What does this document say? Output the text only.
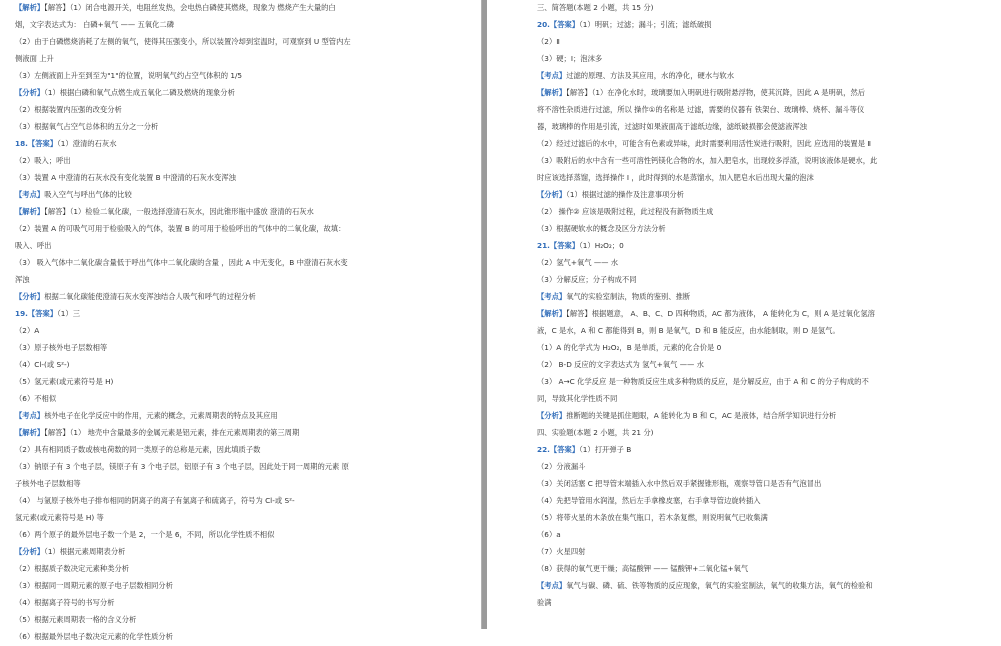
【解析】【解答】（1）闭合电源开关，电阻丝发热，会电热白磷使其燃烧，现象为 燃烧产生大量的白
烟，文字表达式为： 白磷+氧气 —— 五氧化二磷
（2）由于白磷燃烧消耗了左侧的氧气，使得其压强变小，所以装置冷却到室温时，可观察到 U 型管内左
侧液面 上升
（3）左侧液面上升至到至为"1"的位置，说明氧气约占空气体积的 1/5
【分析】（1）根据白磷和氧气点燃生成五氧化二磷及燃烧的现象分析
（2）根据装置内压强的改变分析
（3）根据氧气占空气总体积的五分之一分析
18.【答案】（1）澄清的石灰水
（2）吸入；呼出
（3）装置 A 中澄清的石灰水没有变化装置 B 中澄清的石灰水变浑浊
【考点】吸入空气与呼出气体的比较
【解析】【解答】（1）检验二氧化碳，一般选择澄清石灰水，因此锥形瓶中盛放 澄清的石灰水
（2）装置 A 的可吸气可用于检验吸入的气体，装置 B 的可用于检验呼出的气体中的二氧化碳，故填：
吸入、呼出
（3） 吸入气体中二氧化碳含量低于呼出气体中二氧化碳的含量 ，因此 A 中无变化，B 中澄清石灰水变
浑浊
【分析】根据二氧化碳能使澄清石灰水变浑浊结合人吸气和呼气的过程分析
19.【答案】（1）三
（2）A
（3）原子核外电子层数相等
（4）Cl-(或 S²-)
（5）氢元素(或元素符号是 H)
（6）不相似
【考点】核外电子在化学反应中的作用，元素的概念，元素周期表的特点及其应用
【解析】【解答】（1） 地壳中含量最多的金属元素是铝元素，排在元素周期表的第三周期
（2）具有相同质子数或核电荷数的同一类原子的总称是元素，因此填质子数
（3）钠原子有 3 个电子层，镁原子有 3 个电子层，铝原子有 3 个电子层，因此处于同一周期的元素 原
子核外电子层数相等
（4） 与氩原子核外电子排布相同的阴离子的离子有氯离子和硫离子，符号为 Cl-或 S²-
氢元素(或元素符号是 H) 等
（6）两个原子的最外层电子数一个是 2，一个是 6，不同，所以化学性质不相似
【分析】（1）根据元素周期表分析
（2）根据质子数决定元素种类分析
（3）根据同一周期元素的原子电子层数相同分析
（4）根据离子符号的书写分析
（5）根据元素周期表一格的含义分析
（6）根据最外层电子数决定元素的化学性质分析
三、简答题(本题 2 小题，共 15 分)
20.【答案】（1）明矾；过滤；漏斗；引流；滤纸破损
（2）Ⅱ
（3）硬；Ⅰ；泡沫多
【考点】过滤的原理、方法及其应用，水的净化，硬水与软水
【解析】【解答】（1）在净化水时，玻璃要加入明矾进行吸附悬浮物，使其沉降，因此 A 是明矾，然后
将不溶性杂质进行过滤，所以 操作①的名称是 过滤，需要的仪器有 铁架台、玻璃棒、烧杯、漏斗等仪
器，玻璃棒的作用是引流，过滤时如果液面高于滤纸边缘，滤纸破损都会使滤液浑浊
（2）经过过滤后的水中，可能含有色素或异味，此时需要利用活性炭进行吸附，因此 应选用的装置是 Ⅱ
（3）吸附后的水中含有一些可溶性钙镁化合物的水，加入肥皂水，出现较多浮渣，说明该液体是硬水，此
时应该选择蒸馏，选择操作 Ⅰ ，此时得到的水是蒸馏水，加入肥皂水后出现大量的泡沫
【分析】（1）根据过滤的操作及注意事项分析
（2） 操作② 应该是吸附过程，此过程没有新物质生成
（3）根据硬软水的概念及区分方法分析
21.【答案】（1）H₂O₂；0
（2）氢气+氧气 —— 水
（3）分解反应；分子构成不同
【考点】氧气的实验室制法，物质的鉴别、推断
【解析】【解答】根据题意， A、B、C、D 四种物质，AC 都为液体， A 能转化为 C，则 A 是过氧化氢溶
液，C 是水，A 和 C 都能得到 B，则 B 是氧气，D 和 B 能反应，由水能制取，则 D 是氢气。
（1）A 的化学式为 H₂O₂，B 是单质，元素的化合价是 0
（2） B-D 反应的文字表达式为 氢气+氧气 —— 水
（3） A→C 化学反应 是一种物质反应生成多种物质的反应，是分解反应，由于 A 和 C 的分子构成的不
同，导致其化学性质不同
【分析】推断题的关键是抓住题眼，A 能转化为 B 和 C，AC 是液体，结合所学知识进行分析
四、实验题(本题 2 小题，共 21 分)
22.【答案】（1）打开弹子 B
（2）分液漏斗
（3）关闭活塞 C 把导管末端插入水中然后双手紧握锥形瓶，观察导管口是否有气泡冒出
（4）先把导管用水润湿，然后左手拿橡皮塞，右手拿导管边旋转插入
（5）将带火星的木条放在集气瓶口，若木条复燃，则说明氧气已收集满
（6）a
（7）火星四射
（8）获得的氧气更干燥；高锰酸钾 —— 锰酸钾+二氧化锰+氧气
【考点】氧气与碳、磷、硫、铁等物质的反应现象，氧气的实验室制法，氧气的收集方法，氧气的检验和
验满
